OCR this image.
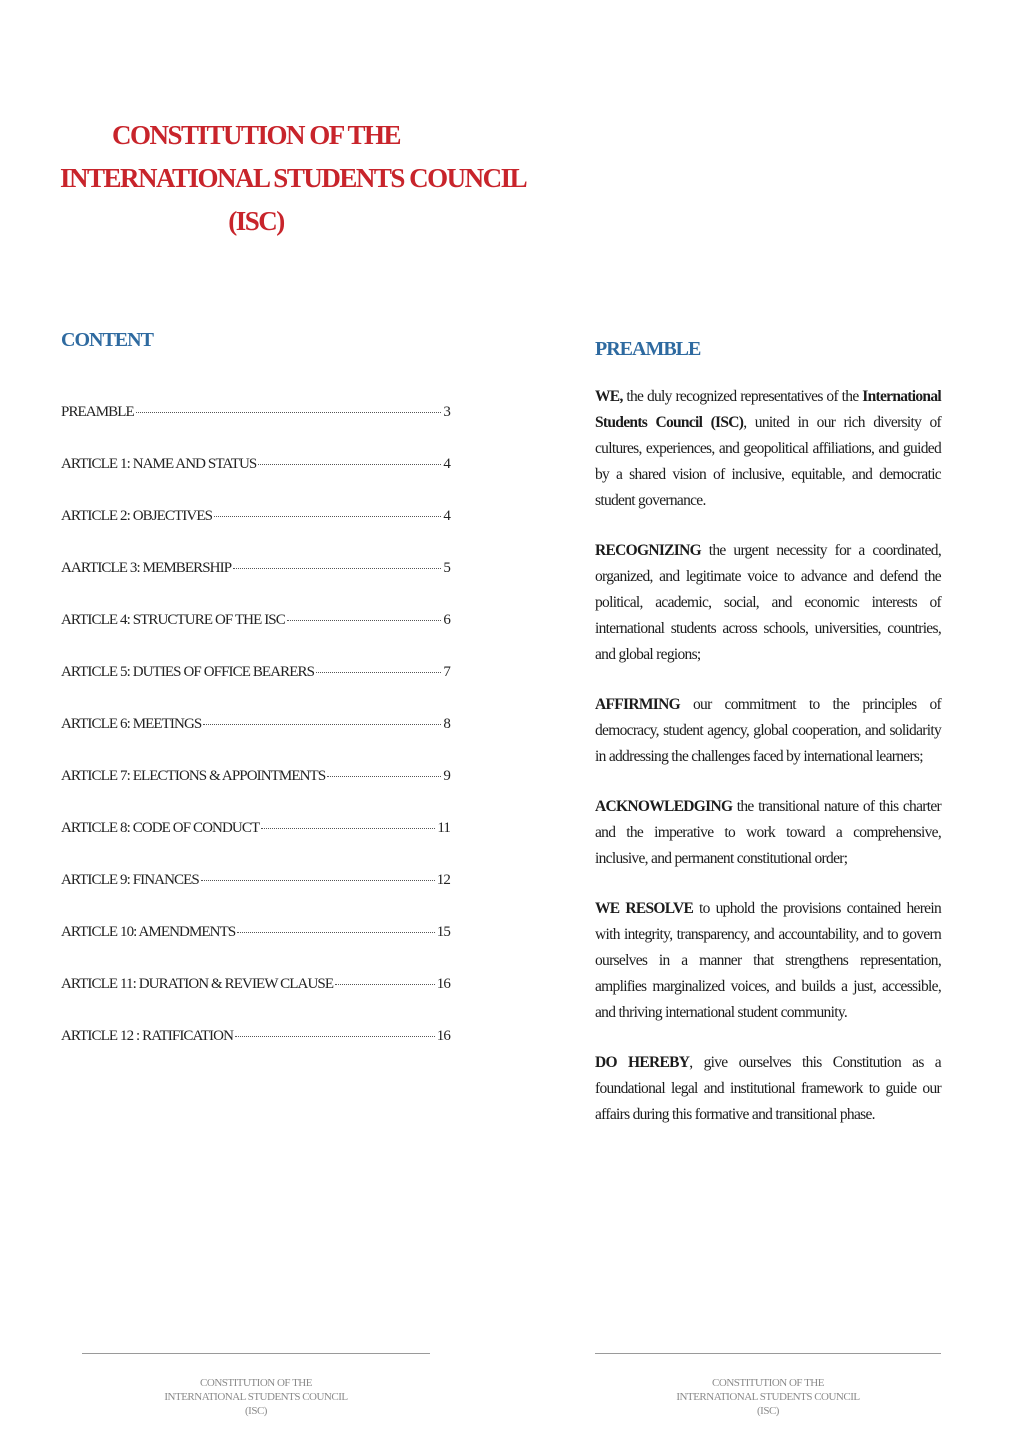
CONSTITUTION OF THE
INTERNATIONAL STUDENTS COUNCIL
(ISC)
CONTENT
PREAMBLE	3
ARTICLE 1: NAME AND STATUS	4
ARTICLE 2: OBJECTIVES	4
AARTICLE 3: MEMBERSHIP	5
ARTICLE 4: STRUCTURE OF THE ISC	6
ARTICLE 5: DUTIES OF OFFICE BEARERS	7
ARTICLE 6: MEETINGS	8
ARTICLE 7: ELECTIONS & APPOINTMENTS	9
ARTICLE 8: CODE OF CONDUCT	11
ARTICLE 9: FINANCES	12
ARTICLE 10: AMENDMENTS	15
ARTICLE 11: DURATION & REVIEW CLAUSE	16
ARTICLE 12 : RATIFICATION	16
PREAMBLE

WE, the duly recognized representatives of the International Students Council (ISC), united in our rich diversity of cultures, experiences, and geopolitical affiliations, and guided by a shared vision of inclusive, equitable, and democratic student governance.

RECOGNIZING the urgent necessity for a coordinated, organized, and legitimate voice to advance and defend the political, academic, social, and economic interests of international students across schools, universities, countries, and global regions;

AFFIRMING our commitment to the principles of democracy, student agency, global cooperation, and solidarity in addressing the challenges faced by international learners;

ACKNOWLEDGING the transitional nature of this charter and the imperative to work toward a comprehensive, inclusive, and permanent constitutional order;

WE RESOLVE to uphold the provisions contained herein with integrity, transparency, and accountability, and to govern ourselves in a manner that strengthens representation, amplifies marginalized voices, and builds a just, accessible, and thriving international student community.

DO HEREBY, give ourselves this Constitution as a foundational legal and institutional framework to guide our affairs during this formative and transitional phase.

CONSTITUTION OF THE
INTERNATIONAL STUDENTS COUNCIL
(ISC)
CONSTITUTION OF THE
INTERNATIONAL STUDENTS COUNCIL
(ISC)
